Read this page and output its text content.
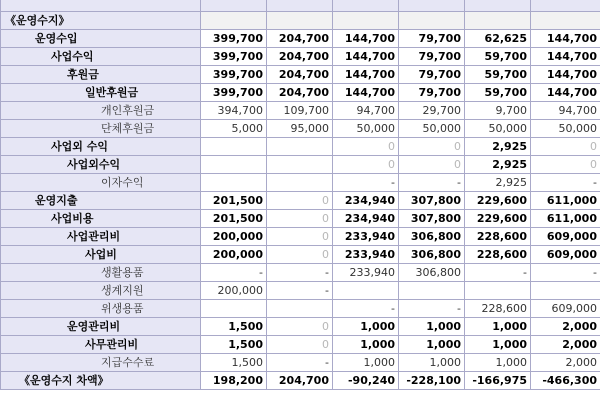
《운영수지》						
운영수입	399,700	204,700	144,700	79,700	62,625	144,700
사업수익	399,700	204,700	144,700	79,700	59,700	144,700
후원금	399,700	204,700	144,700	79,700	59,700	144,700
일반후원금	399,700	204,700	144,700	79,700	59,700	144,700
개인후원금	394,700	109,700	94,700	29,700	9,700	94,700
단체후원금	5,000	95,000	50,000	50,000	50,000	50,000
사업외 수익			0	0	2,925	0
사업외수익			0	0	2,925	0
이자수익			-	-	2,925	-
운영지출	201,500	0	234,940	307,800	229,600	611,000
사업비용	201,500	0	234,940	307,800	229,600	611,000
사업관리비	200,000	0	233,940	306,800	228,600	609,000
사업비	200,000	0	233,940	306,800	228,600	609,000
생활용품	-	-	233,940	306,800	-	-
생계지원	200,000	-				
위생용품			-	-	228,600	609,000
운영관리비	1,500	0	1,000	1,000	1,000	2,000
사무관리비	1,500	0	1,000	1,000	1,000	2,000
지급수수료	1,500	-	1,000	1,000	1,000	2,000
《운영수지 차액》	198,200	204,700	-90,240	-228,100	-166,975	-466,300
